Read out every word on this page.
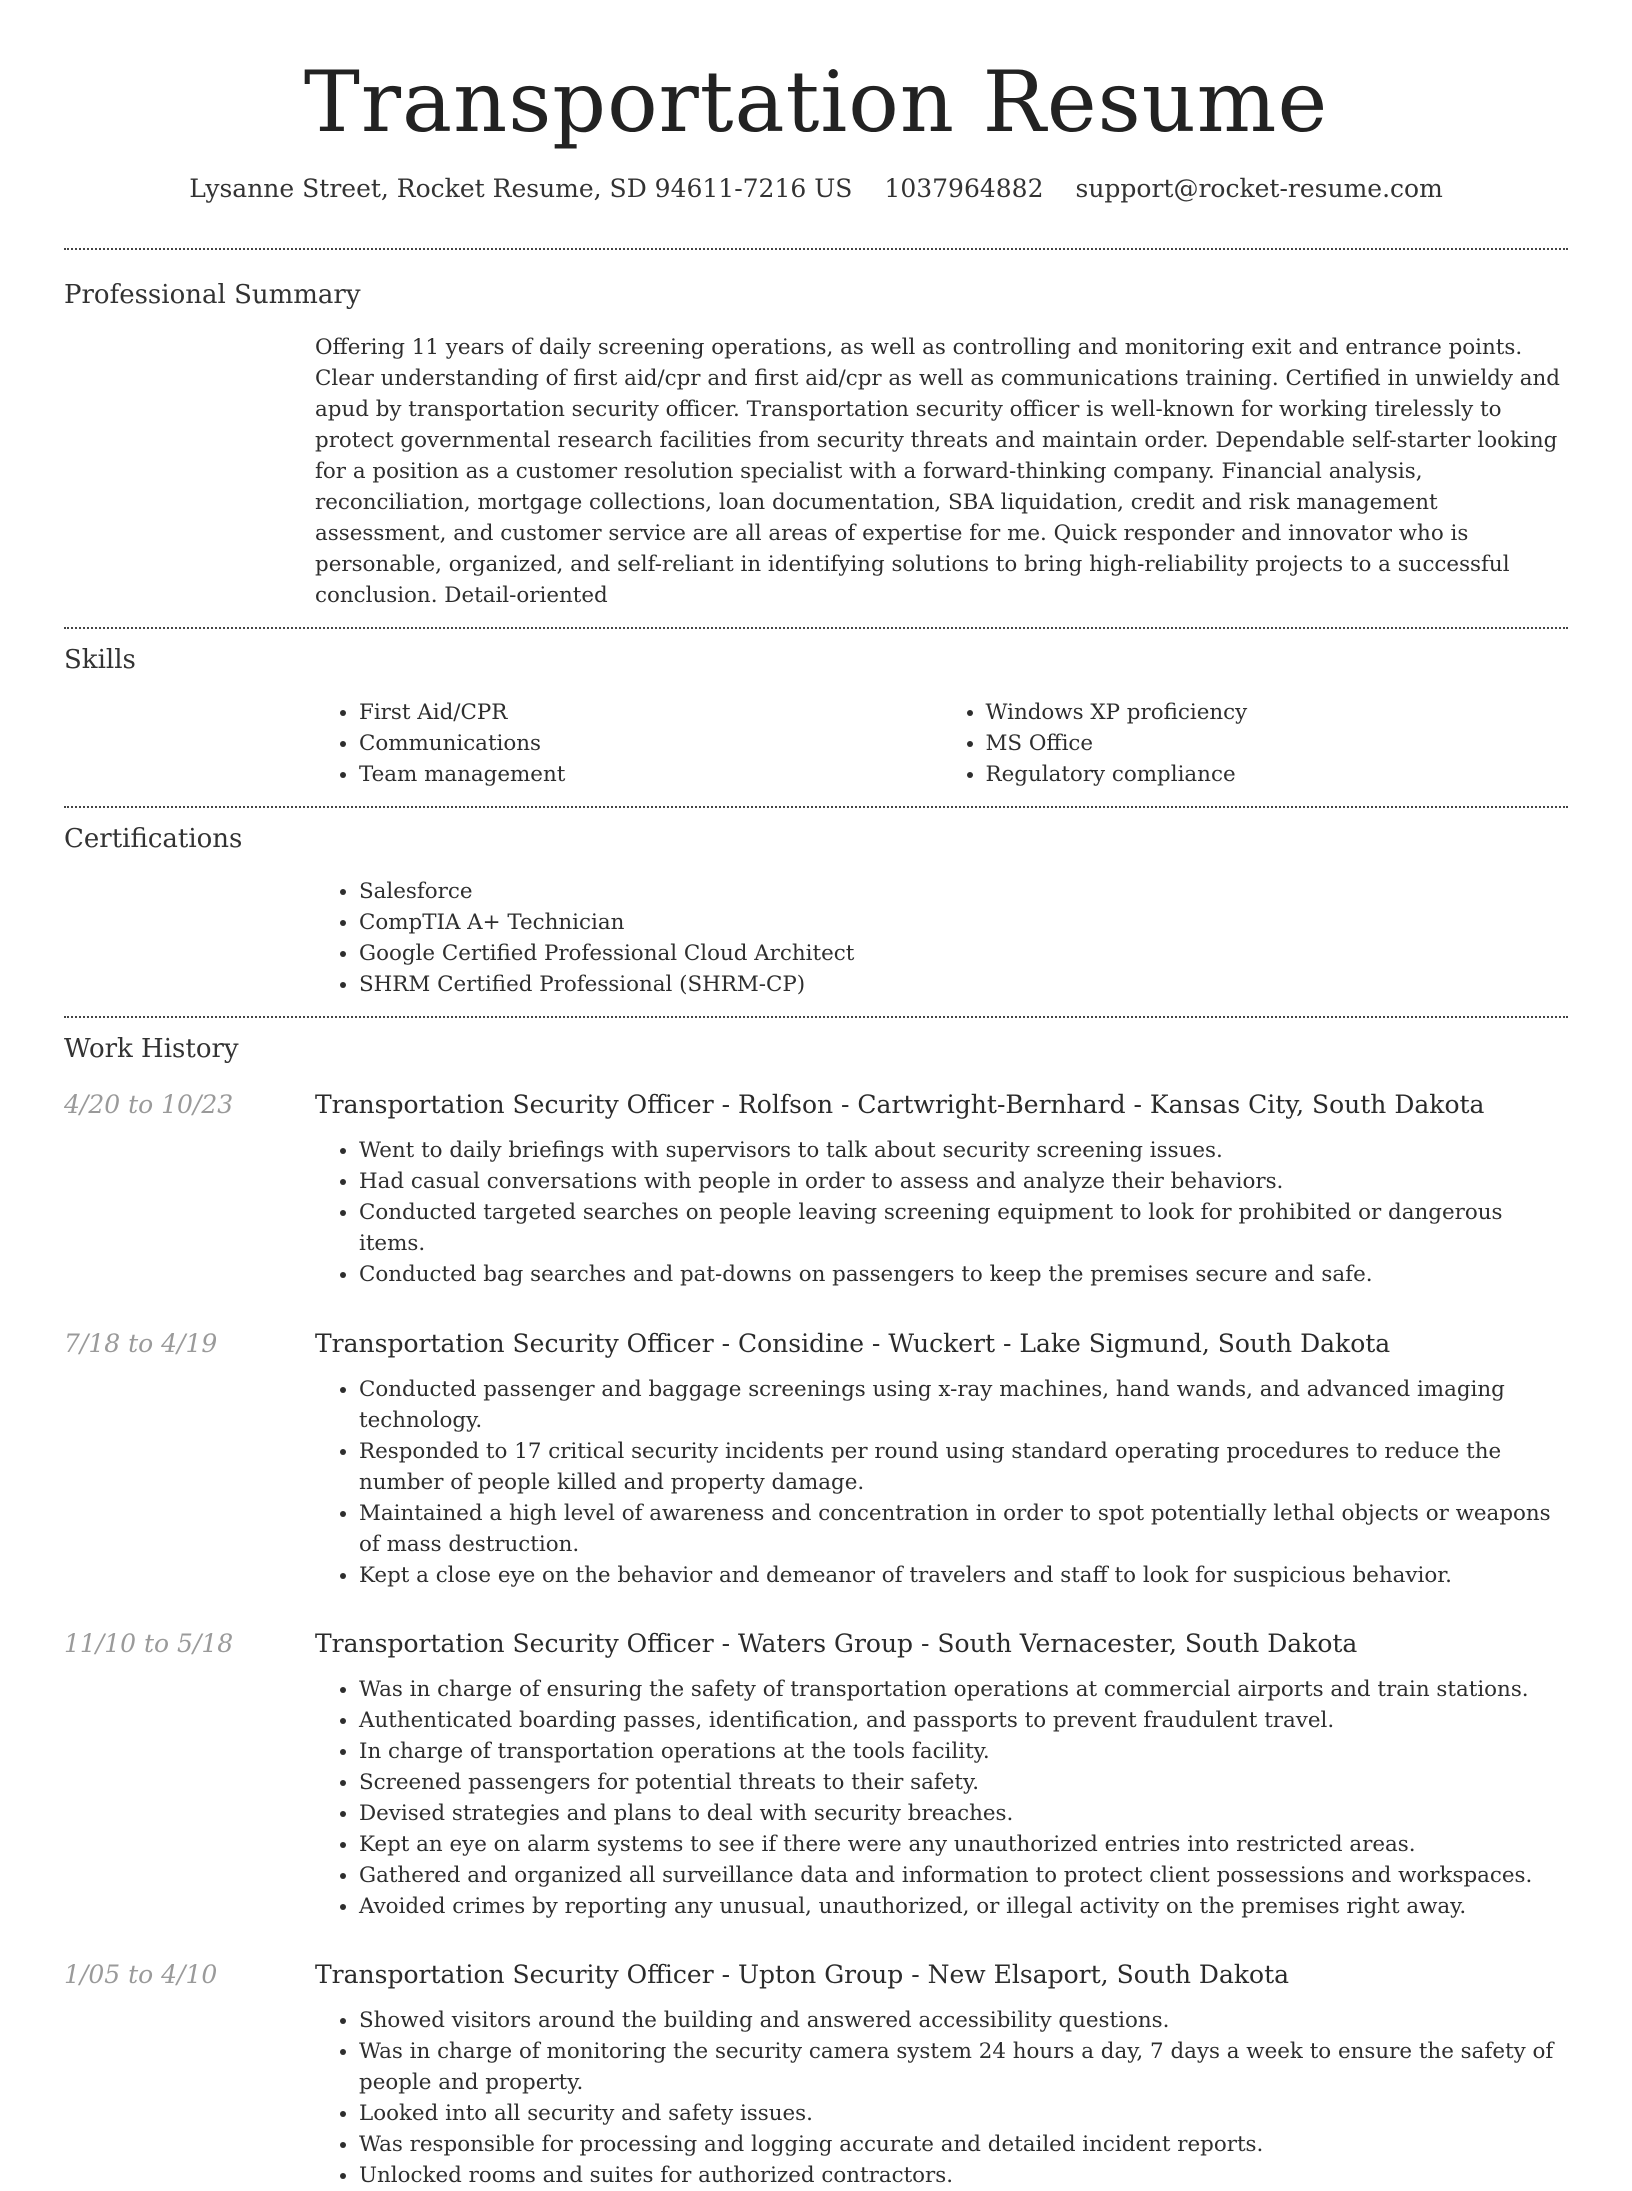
Transportation Resume
Lysanne Street, Rocket Resume, SD 94611-7216 US 1037964882 support@rocket-resume.com
Professional Summary
Offering 11 years of daily screening operations, as well as controlling and monitoring exit and entrance points. Clear understanding of first aid/cpr and first aid/cpr as well as communications training. Certified in unwieldy and apud by transportation security officer. Transportation security officer is well-known for working tirelessly to protect governmental research facilities from security threats and maintain order. Dependable self-starter looking for a position as a customer resolution specialist with a forward-thinking company. Financial analysis, reconciliation, mortgage collections, loan documentation, SBA liquidation, credit and risk management assessment, and customer service are all areas of expertise for me. Quick responder and innovator who is personable, organized, and self-reliant in identifying solutions to bring high-reliability projects to a successful conclusion. Detail-oriented
Skills
• First Aid/CPR
• Communications
• Team management
• Windows XP proficiency
• MS Office
• Regulatory compliance
Certifications
• Salesforce
• CompTIA A+ Technician
• Google Certified Professional Cloud Architect
• SHRM Certified Professional (SHRM-CP)
Work History
4/20 to 10/23	Transportation Security Officer - Rolfson - Cartwright-Bernhard - Kansas City, South Dakota
• Went to daily briefings with supervisors to talk about security screening issues.
• Had casual conversations with people in order to assess and analyze their behaviors.
• Conducted targeted searches on people leaving screening equipment to look for prohibited or dangerous items.
• Conducted bag searches and pat-downs on passengers to keep the premises secure and safe.
7/18 to 4/19	Transportation Security Officer - Considine - Wuckert - Lake Sigmund, South Dakota
• Conducted passenger and baggage screenings using x-ray machines, hand wands, and advanced imaging technology.
• Responded to 17 critical security incidents per round using standard operating procedures to reduce the number of people killed and property damage.
• Maintained a high level of awareness and concentration in order to spot potentially lethal objects or weapons of mass destruction.
• Kept a close eye on the behavior and demeanor of travelers and staff to look for suspicious behavior.
11/10 to 5/18	Transportation Security Officer - Waters Group - South Vernacester, South Dakota
• Was in charge of ensuring the safety of transportation operations at commercial airports and train stations.
• Authenticated boarding passes, identification, and passports to prevent fraudulent travel.
• In charge of transportation operations at the tools facility.
• Screened passengers for potential threats to their safety.
• Devised strategies and plans to deal with security breaches.
• Kept an eye on alarm systems to see if there were any unauthorized entries into restricted areas.
• Gathered and organized all surveillance data and information to protect client possessions and workspaces.
• Avoided crimes by reporting any unusual, unauthorized, or illegal activity on the premises right away.
1/05 to 4/10	Transportation Security Officer - Upton Group - New Elsaport, South Dakota
• Showed visitors around the building and answered accessibility questions.
• Was in charge of monitoring the security camera system 24 hours a day, 7 days a week to ensure the safety of people and property.
• Looked into all security and safety issues.
• Was responsible for processing and logging accurate and detailed incident reports.
• Unlocked rooms and suites for authorized contractors.
